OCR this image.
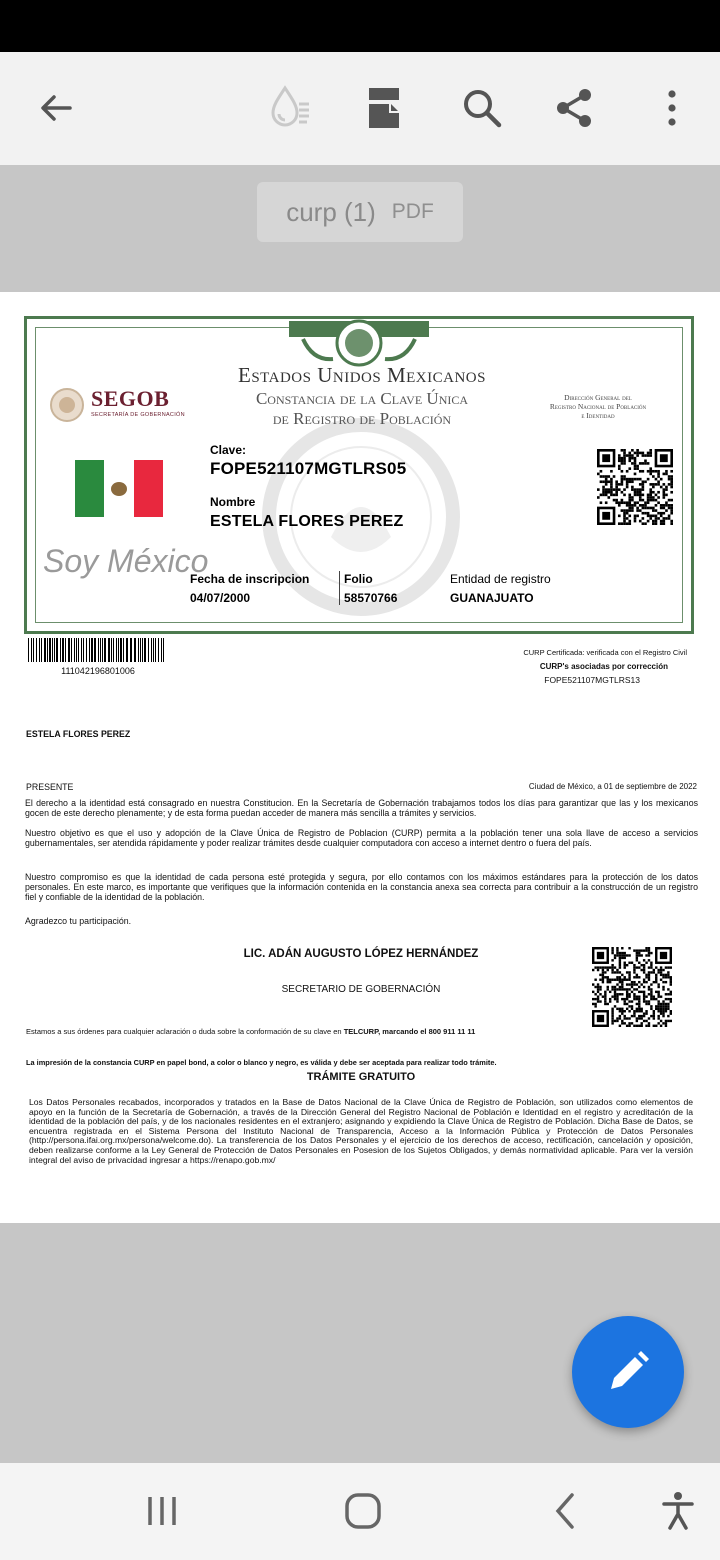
curp (1) PDF
SEGOB
SECRETARÍA DE GOBERNACIÓN
Estados Unidos Mexicanos
Constancia de la Clave Única
de Registro de Población
Dirección General del
Registro Nacional de Población
e Identidad
Clave:
FOPE521107MGTLRS05
Nombre
ESTELA FLORES PEREZ
Soy México
Fecha de inscripcion
04/07/2000
Folio
58570766
Entidad de registro
GUANAJUATO
111042196801006
CURP Certificada: verificada con el Registro Civil
CURP's asociadas por corrección
FOPE521107MGTLRS13
ESTELA FLORES PEREZ
PRESENTE	Ciudad de México, a 01 de septiembre de 2022
El derecho a la identidad está consagrado en nuestra Constitucion. En la Secretaría de Gobernación trabajamos todos los días para garantizar que las y los mexicanos gocen de este derecho plenamente; y de esta forma puedan acceder de manera más sencilla a trámites y servicios.
Nuestro objetivo es que el uso y adopción de la Clave Única de Registro de Poblacion (CURP) permita a la población tener una sola llave de acceso a servicios gubernamentales, ser atendida rápidamente y poder realizar trámites desde cualquier computadora con acceso a internet dentro o fuera del país.
Nuestro compromiso es que la identidad de cada persona esté protegida y segura, por ello contamos con los máximos estándares para la protección de los datos personales. En este marco, es importante que verifiques que la información contenida en la constancia anexa sea correcta para contribuir a la construcción de un registro fiel y confiable de la identidad de la población.
Agradezco tu participación.
LIC. ADÁN AUGUSTO LÓPEZ HERNÁNDEZ
SECRETARIO DE GOBERNACIÓN
Estamos a sus órdenes para cualquier aclaración o duda sobre la conformación de su clave en TELCURP, marcando el 800 911 11 11
La impresión de la constancia CURP en papel bond, a color o blanco y negro, es válida y debe ser aceptada para realizar todo trámite.
TRÁMITE GRATUITO
Los Datos Personales recabados, incorporados y tratados en la Base de Datos Nacional de la Clave Única de Registro de Población, son utilizados como elementos de apoyo en la función de la Secretaría de Gobernación, a través de la Dirección General del Registro Nacional de Población e Identidad en el registro y acreditación de la identidad de la población del país, y de los nacionales residentes en el extranjero; asignando y expidiendo la Clave Única de Registro de Población. Dicha Base de Datos, se encuentra registrada en el Sistema Persona del Instituto Nacional de Transparencia, Acceso a la Información Pública y Protección de Datos Personales (http://persona.ifai.org.mx/persona/welcome.do). La transferencia de los Datos Personales y el ejercicio de los derechos de acceso, rectificación, cancelación y oposición, deben realizarse conforme a la Ley General de Protección de Datos Personales en Posesion de los Sujetos Obligados, y demás normatividad aplicable. Para ver la versión integral del aviso de privacidad ingresar a https://renapo.gob.mx/
